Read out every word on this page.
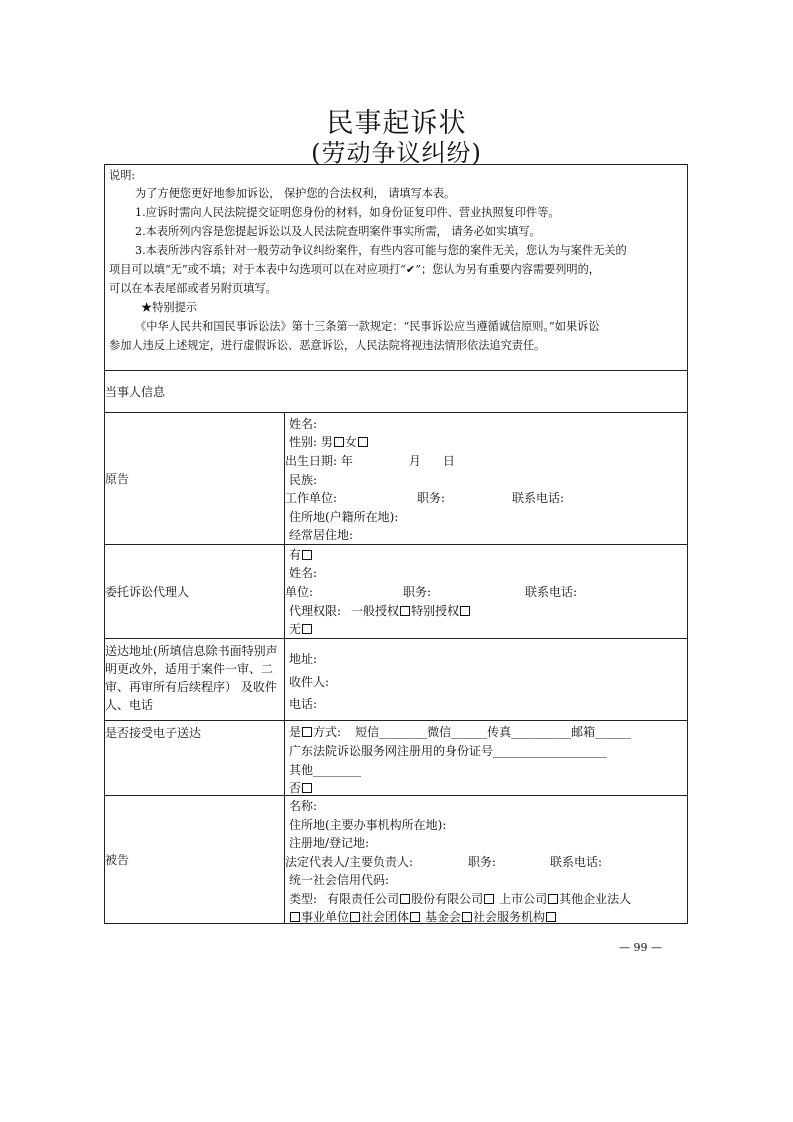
民事起诉状
(劳动争议纠纷)
说明:
为了方便您更好地参加诉讼， 保护您的合法权利， 请填写本表。
1.应诉时需向人民法院提交证明您身份的材料，如身份证复印件、营业执照复印件等。
2.本表所列内容是您提起诉讼以及人民法院查明案件事实所需， 请务必如实填写。
3.本表所涉内容系针对一般劳动争议纠纷案件，有些内容可能与您的案件无关，您认为与案件无关的
项目可以填“无”或不填；对于本表中勾选项可以在对应项打“✔”；您认为另有重要内容需要列明的，
可以在本表尾部或者另附页填写。
★特别提示
《中华人民共和国民事诉讼法》第十三条第一款规定：“民事诉讼应当遵循诚信原则。”如果诉讼
参加人违反上述规定，进行虚假诉讼、恶意诉讼，人民法院将视违法情形依法追究责任。
当事人信息
原告
姓名:
性别: 男 女
出生日期: 年	月 日
民族:
工作单位:	职务:	联系电话:
住所地(户籍所在地):
经常居住地:
委托诉讼代理人
有
姓名:
单位:	职务:	联系电话:
代理权限: 一般授权 特别授权
无
送达地址(所填信息除书面特别声明更改外，适用于案件一审、二审、再审所有后续程序） 及收件人、电话
地址:
收件人:
电话:
是否接受电子送达	是 方式: 短信________微信______传真__________邮箱______
广东法院诉讼服务网注册用的身份证号___________________
其他________
否
被告
名称:
住所地(主要办事机构所在地):
注册地/登记地:
法定代表人/主要负责人:	职务:	联系电话:
统一社会信用代码:
类型: 有限责任公司 股份有限公司 上市公司 其他企业法人
事业单位 社会团体 基金会 社会服务机构
— 99 —
